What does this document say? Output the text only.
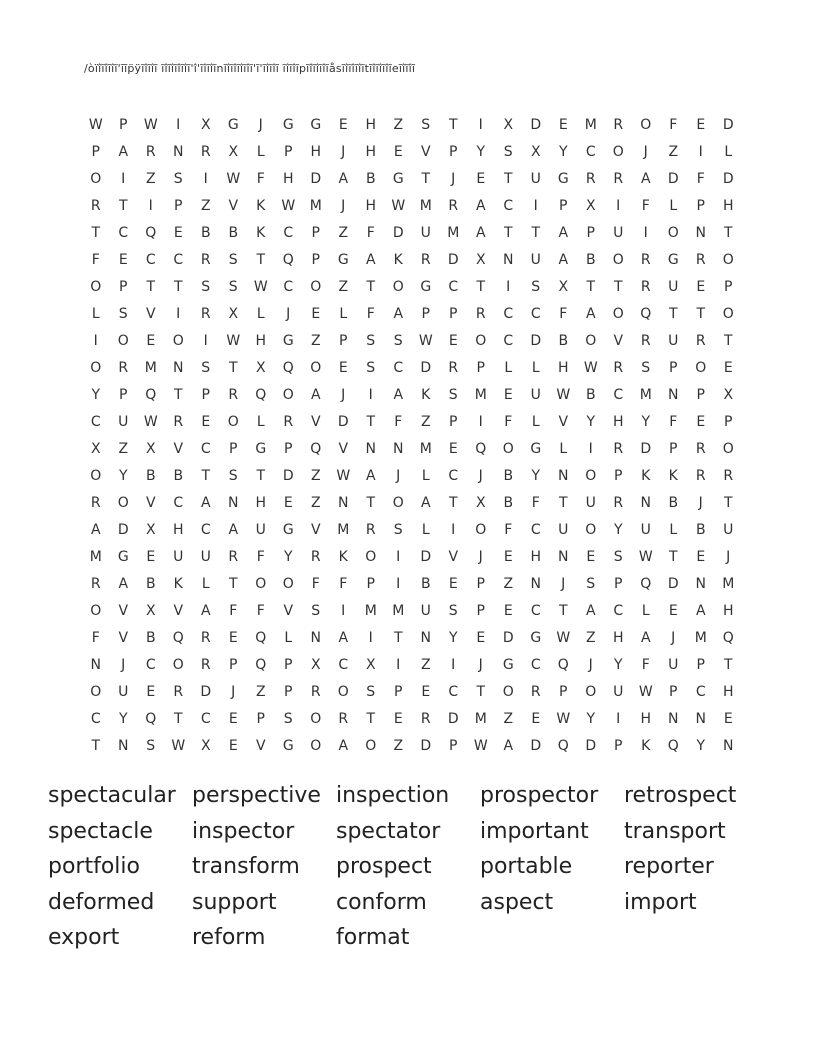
/òïîĩîĩîĩ'īĩp̈ÿĩîĩîĩ ĩîĩîĩîĩîĩ'î'ĩîĩîĩnĩîĩîĩîĩîĩ'ĩ'ĩîĩîĩ ĩîĩîĩpĩîĩîĩîĩåsĩîĩîĩîĩtĩîĩîĩîĩeĩîĩîĩ
W	P	W	I	X	G	J	G	G	E	H	Z	S	T	I	X	D	E	M	R	O	F	E	D
P	A	R	N	R	X	L	P	H	J	H	E	V	P	Y	S	X	Y	C	O	J	Z	I	L
O	I	Z	S	I	W	F	H	D	A	B	G	T	J	E	T	U	G	R	R	A	D	F	D
R	T	I	P	Z	V	K	W	M	J	H	W	M	R	A	C	I	P	X	I	F	L	P	H
T	C	Q	E	B	B	K	C	P	Z	F	D	U	M	A	T	T	A	P	U	I	O	N	T
F	E	C	C	R	S	T	Q	P	G	A	K	R	D	X	N	U	A	B	O	R	G	R	O
O	P	T	T	S	S	W	C	O	Z	T	O	G	C	T	I	S	X	T	T	R	U	E	P
L	S	V	I	R	X	L	J	E	L	F	A	P	P	R	C	C	F	A	O	Q	T	T	O
I	O	E	O	I	W	H	G	Z	P	S	S	W	E	O	C	D	B	O	V	R	U	R	T
O	R	M	N	S	T	X	Q	O	E	S	C	D	R	P	L	L	H	W	R	S	P	O	E
Y	P	Q	T	P	R	Q	O	A	J	I	A	K	S	M	E	U	W	B	C	M	N	P	X
C	U	W	R	E	O	L	R	V	D	T	F	Z	P	I	F	L	V	Y	H	Y	F	E	P
X	Z	X	V	C	P	G	P	Q	V	N	N	M	E	Q	O	G	L	I	R	D	P	R	O
O	Y	B	B	T	S	T	D	Z	W	A	J	L	C	J	B	Y	N	O	P	K	K	R	R
R	O	V	C	A	N	H	E	Z	N	T	O	A	T	X	B	F	T	U	R	N	B	J	T
A	D	X	H	C	A	U	G	V	M	R	S	L	I	O	F	C	U	O	Y	U	L	B	U
M	G	E	U	U	R	F	Y	R	K	O	I	D	V	J	E	H	N	E	S	W	T	E	J
R	A	B	K	L	T	O	O	F	F	P	I	B	E	P	Z	N	J	S	P	Q	D	N	M
O	V	X	V	A	F	F	V	S	I	M	M	U	S	P	E	C	T	A	C	L	E	A	H
F	V	B	Q	R	E	Q	L	N	A	I	T	N	Y	E	D	G	W	Z	H	A	J	M	Q
N	J	C	O	R	P	Q	P	X	C	X	I	Z	I	J	G	C	Q	J	Y	F	U	P	T
O	U	E	R	D	J	Z	P	R	O	S	P	E	C	T	O	R	P	O	U	W	P	C	H
C	Y	Q	T	C	E	P	S	O	R	T	E	R	D	M	Z	E	W	Y	I	H	N	N	E
T	N	S	W	X	E	V	G	O	A	O	Z	D	P	W	A	D	Q	D	P	K	Q	Y	N
spectacular perspective inspection	prospector	retrospect
spectacle	inspector	spectator	important	transport
portfolio	transform	prospect	portable	reporter
deformed	support	conform	aspect	import
export	reform	format
